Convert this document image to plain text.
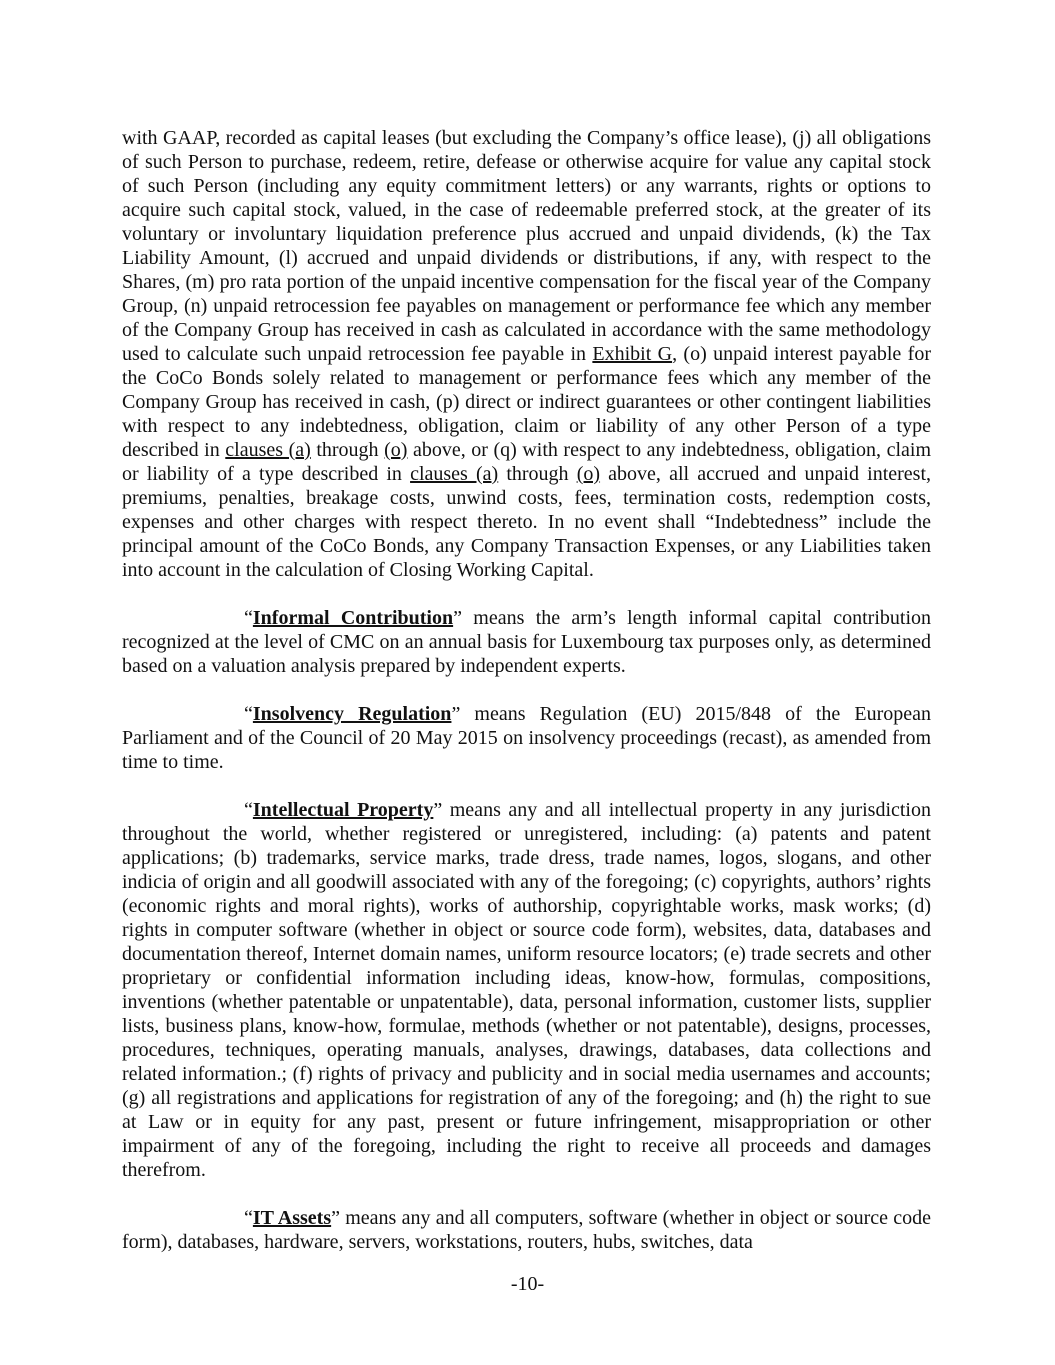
with GAAP, recorded as capital leases (but excluding the Company’s office lease), (j) all obligations of such Person to purchase, redeem, retire, defease or otherwise acquire for value any capital stock of such Person (including any equity commitment letters) or any warrants, rights or options to acquire such capital stock, valued, in the case of redeemable preferred stock, at the greater of its voluntary or involuntary liquidation preference plus accrued and unpaid dividends, (k) the Tax Liability Amount, (l) accrued and unpaid dividends or distributions, if any, with respect to the Shares, (m) pro rata portion of the unpaid incentive compensation for the fiscal year of the Company Group, (n) unpaid retrocession fee payables on management or performance fee which any member of the Company Group has received in cash as calculated in accordance with the same methodology used to calculate such unpaid retrocession fee payable in Exhibit G, (o) unpaid interest payable for the CoCo Bonds solely related to management or performance fees which any member of the Company Group has received in cash, (p) direct or indirect guarantees or other contingent liabilities with respect to any indebtedness, obligation, claim or liability of any other Person of a type described in clauses (a) through (o) above, or (q) with respect to any indebtedness, obligation, claim or liability of a type described in clauses (a) through (o) above, all accrued and unpaid interest, premiums, penalties, breakage costs, unwind costs, fees, termination costs, redemption costs, expenses and other charges with respect thereto. In no event shall “Indebtedness” include the principal amount of the CoCo Bonds, any Company Transaction Expenses, or any Liabilities taken into account in the calculation of Closing Working Capital.

“Informal Contribution” means the arm’s length informal capital contribution recognized at the level of CMC on an annual basis for Luxembourg tax purposes only, as determined based on a valuation analysis prepared by independent experts.

“Insolvency Regulation” means Regulation (EU) 2015/848 of the European Parliament and of the Council of 20 May 2015 on insolvency proceedings (recast), as amended from time to time.

“Intellectual Property” means any and all intellectual property in any jurisdiction throughout the world, whether registered or unregistered, including: (a) patents and patent applications; (b) trademarks, service marks, trade dress, trade names, logos, slogans, and other indicia of origin and all goodwill associated with any of the foregoing; (c) copyrights, authors’ rights (economic rights and moral rights), works of authorship, copyrightable works, mask works; (d) rights in computer software (whether in object or source code form), websites, data, databases and documentation thereof, Internet domain names, uniform resource locators; (e) trade secrets and other proprietary or confidential information including ideas, know-how, formulas, compositions, inventions (whether patentable or unpatentable), data, personal information, customer lists, supplier lists, business plans, know-how, formulae, methods (whether or not patentable), designs, processes, procedures, techniques, operating manuals, analyses, drawings, databases, data collections and related information.; (f) rights of privacy and publicity and in social media usernames and accounts; (g) all registrations and applications for registration of any of the foregoing; and (h) the right to sue at Law or in equity for any past, present or future infringement, misappropriation or other impairment of any of the foregoing, including the right to receive all proceeds and damages therefrom.

“IT Assets” means any and all computers, software (whether in object or source code form), databases, hardware, servers, workstations, routers, hubs, switches, data

-10-
